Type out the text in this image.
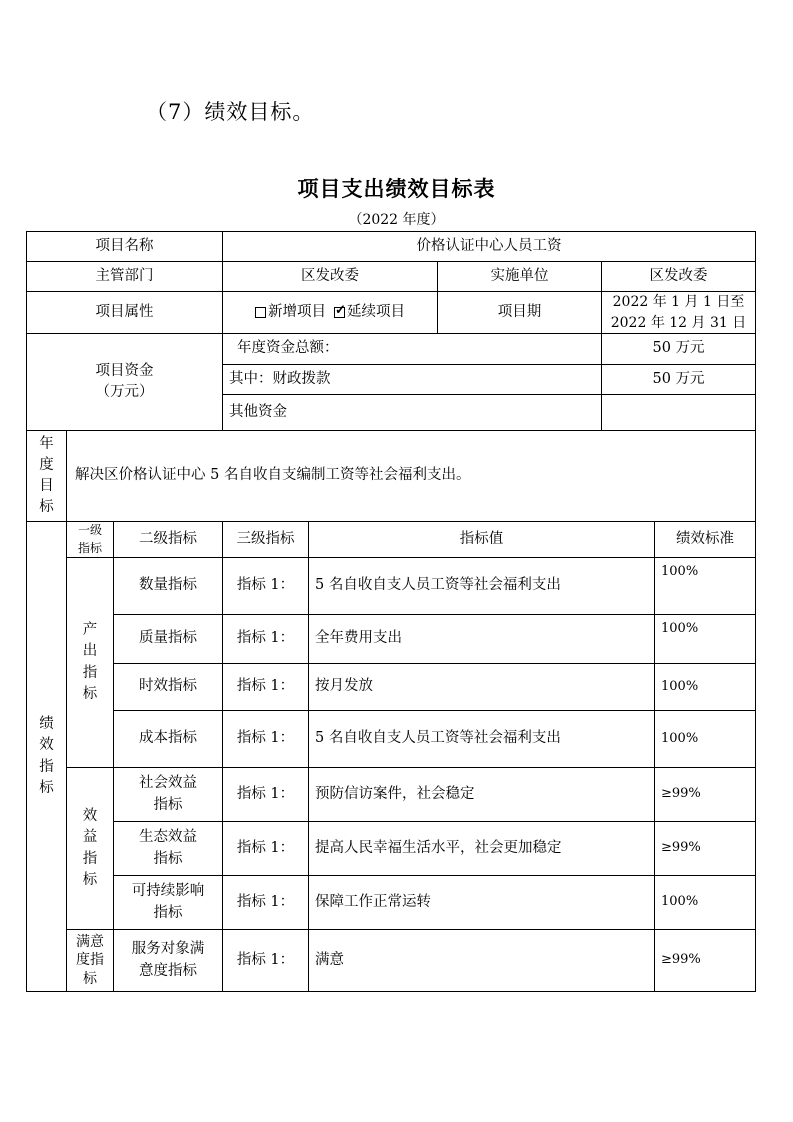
（7）绩效目标。
项目支出绩效目标表
（2022 年度）
项目名称	价格认证中心人员工资
主管部门	区发改委	实施单位	区发改委
项目属性	新增项目
✓ 延续项目	项目期
2022 年 1 月 1 日至
2022 年 12 月 31 日
项目资金
（万元）
年度资金总额：	50 万元
其中：财政拨款	50 万元
其他资金
年
度
目
标
解决区价格认证中心 5 名自收自支编制工资等社会福利支出。
绩
效
指
标
一级
指标
二级指标	三级指标	指标值	绩效标准
产
出
指
标
数量指标	指标 1：	5 名自收自支人员工资等社会福利支出
100%
质量指标	指标 1：	全年费用支出
100%
时效指标	指标 1：	按月发放	100%
成本指标	指标 1：	5 名自收自支人员工资等社会福利支出	100%
效
益
指
标
社会效益
指标
指标 1：	预防信访案件，社会稳定	≥99%
生态效益
指标
指标 1：	提高人民幸福生活水平，社会更加稳定	≥99%
可持续影响
指标
指标 1：	保障工作正常运转	100%
满意
度指
标
服务对象满
意度指标
指标 1：	满意	≥99%
